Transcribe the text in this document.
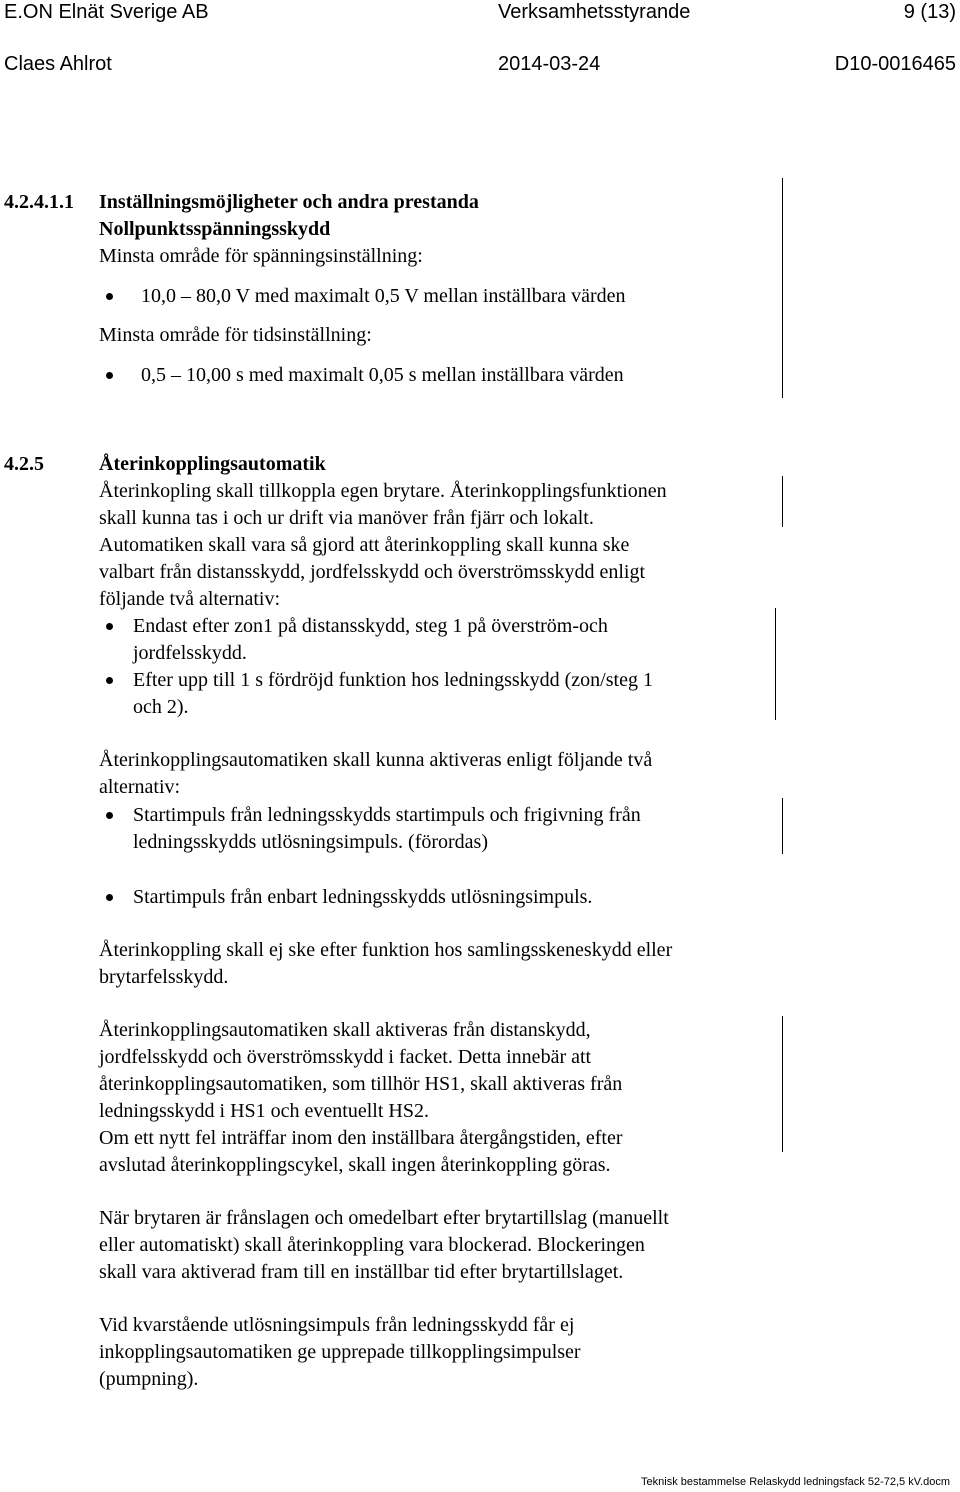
E.ON Elnät Sverige AB	Verksamhetsstyrande	9 (13)
Claes Ahlrot	2014-03-24	D10-0016465
4.2.4.1.1 Inställningsmöjligheter och andra prestanda
Nollpunktsspänningsskydd
Minsta område för spänningsinställning:
10,0 – 80,0 V med maximalt 0,5 V mellan inställbara värden
Minsta område för tidsinställning:
0,5 – 10,00 s med maximalt 0,05 s mellan inställbara värden
4.2.5	Återinkopplingsautomatik
Återinkopling skall tillkoppla egen brytare. Återinkopplingsfunktionen
skall kunna tas i och ur drift via manöver från fjärr och lokalt.
Automatiken skall vara så gjord att återinkoppling skall kunna ske
valbart från distansskydd, jordfelsskydd och överströmsskydd enligt
följande två alternativ:
Endast efter zon1 på distansskydd, steg 1 på överström-och
jordfelsskydd.
Efter upp till 1 s fördröjd funktion hos ledningsskydd (zon/steg 1
och 2).
Återinkopplingsautomatiken skall kunna aktiveras enligt följande två
alternativ:
Startimpuls från ledningsskydds startimpuls och frigivning från
ledningsskydds utlösningsimpuls. (förordas)
Startimpuls från enbart ledningsskydds utlösningsimpuls.
Återinkoppling skall ej ske efter funktion hos samlingsskeneskydd eller
brytarfelsskydd.
Återinkopplingsautomatiken skall aktiveras från distanskydd,
jordfelsskydd och överströmsskydd i facket. Detta innebär att
återinkopplingsautomatiken, som tillhör HS1, skall aktiveras från
ledningsskydd i HS1 och eventuellt HS2.
Om ett nytt fel inträffar inom den inställbara återgångstiden, efter
avslutad återinkopplingscykel, skall ingen återinkoppling göras.
När brytaren är frånslagen och omedelbart efter brytartillslag (manuellt
eller automatiskt) skall återinkoppling vara blockerad. Blockeringen
skall vara aktiverad fram till en inställbar tid efter brytartillslaget.
Vid kvarstående utlösningsimpuls från ledningsskydd får ej
inkopplingsautomatiken ge upprepade tillkopplingsimpulser
(pumpning).
Teknisk bestammelse Relaskydd ledningsfack 52-72,5 kV.docm
